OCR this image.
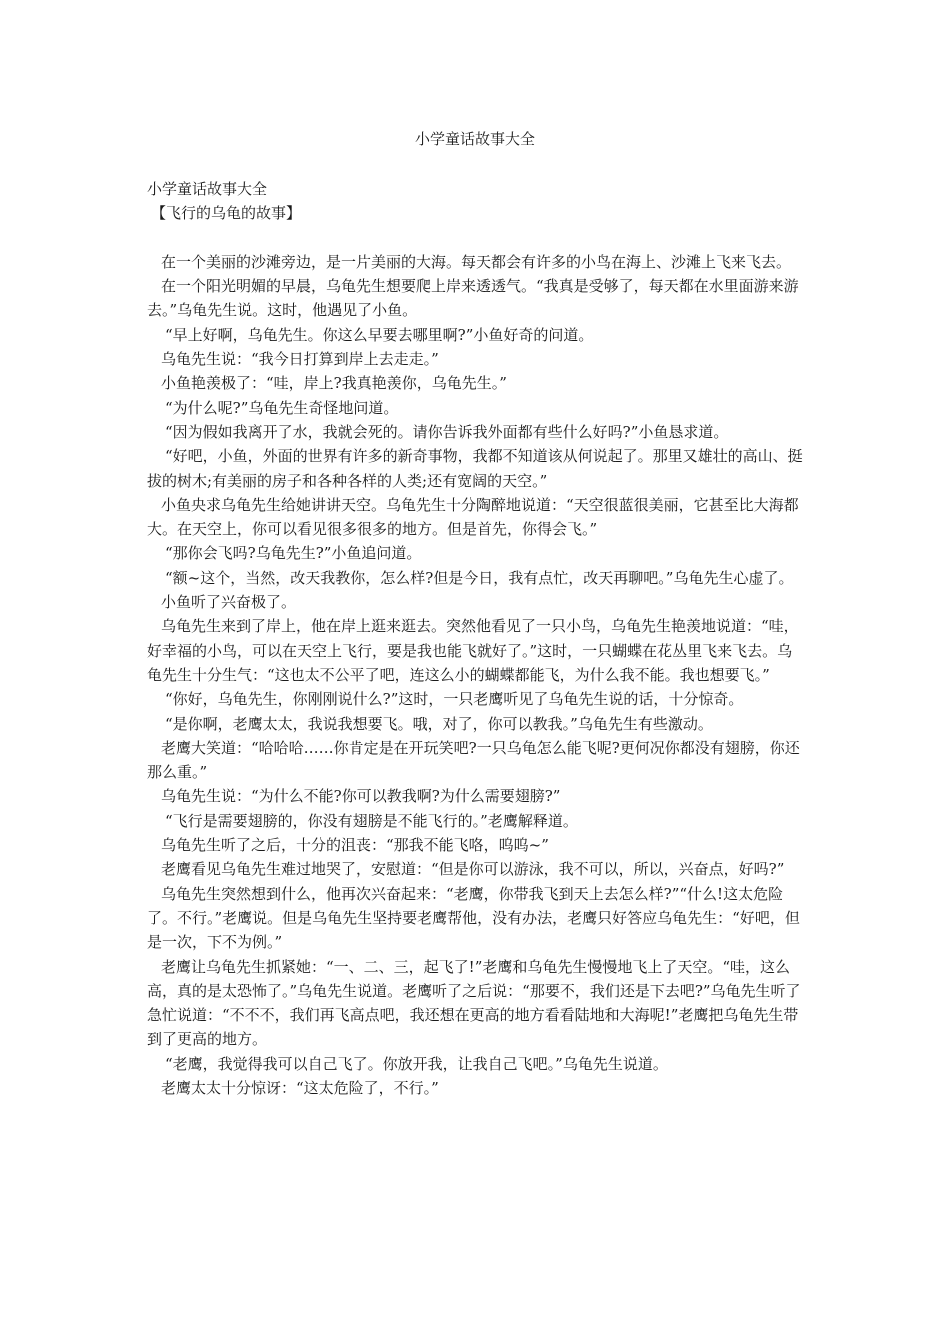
小学童话故事大全

小学童话故事大全

【飞行的乌龟的故事】

在一个美丽的沙滩旁边，是一片美丽的大海。每天都会有许多的小鸟在海上、沙滩上飞来飞去。

在一个阳光明媚的早晨，乌龟先生想要爬上岸来透透气。“我真是受够了，每天都在水里面游来游去。”乌龟先生说。这时，他遇见了小鱼。

“早上好啊，乌龟先生。你这么早要去哪里啊?”小鱼好奇的问道。

乌龟先生说：“我今日打算到岸上去走走。”

小鱼艳羡极了：“哇，岸上?我真艳羡你，乌龟先生。”

“为什么呢?”乌龟先生奇怪地问道。

“因为假如我离开了水，我就会死的。请你告诉我外面都有些什么好吗?”小鱼恳求道。

“好吧，小鱼，外面的世界有许多的新奇事物，我都不知道该从何说起了。那里又雄壮的高山、挺拔的树木;有美丽的房子和各种各样的人类;还有宽阔的天空。”

小鱼央求乌龟先生给她讲讲天空。乌龟先生十分陶醉地说道：“天空很蓝很美丽，它甚至比大海都大。在天空上，你可以看见很多很多的地方。但是首先，你得会飞。”

“那你会飞吗?乌龟先生?”小鱼追问道。

“额~这个，当然，改天我教你，怎么样?但是今日，我有点忙，改天再聊吧。”乌龟先生心虚了。

小鱼听了兴奋极了。

乌龟先生来到了岸上，他在岸上逛来逛去。突然他看见了一只小鸟，乌龟先生艳羡地说道：“哇，好幸福的小鸟，可以在天空上飞行，要是我也能飞就好了。”这时，一只蝴蝶在花丛里飞来飞去。乌龟先生十分生气：“这也太不公平了吧，连这么小的蝴蝶都能飞，为什么我不能。我也想要飞。”

“你好，乌龟先生，你刚刚说什么?”这时，一只老鹰听见了乌龟先生说的话，十分惊奇。

“是你啊，老鹰太太，我说我想要飞。哦，对了，你可以教我。”乌龟先生有些激动。

老鹰大笑道：“哈哈哈……你肯定是在开玩笑吧?一只乌龟怎么能飞呢?更何况你都没有翅膀，你还那么重。”

乌龟先生说：“为什么不能?你可以教我啊?为什么需要翅膀?”

“飞行是需要翅膀的，你没有翅膀是不能飞行的。”老鹰解释道。

乌龟先生听了之后，十分的沮丧：“那我不能飞咯，呜呜~”

老鹰看见乌龟先生难过地哭了，安慰道：“但是你可以游泳，我不可以，所以，兴奋点，好吗?”

乌龟先生突然想到什么，他再次兴奋起来：“老鹰，你带我飞到天上去怎么样?”“什么!这太危险了。不行。”老鹰说。但是乌龟先生坚持要老鹰帮他，没有办法，老鹰只好答应乌龟先生：“好吧，但是一次，下不为例。”

老鹰让乌龟先生抓紧她：“一、二、三，起飞了!”老鹰和乌龟先生慢慢地飞上了天空。“哇，这么高，真的是太恐怖了。”乌龟先生说道。老鹰听了之后说：“那要不，我们还是下去吧?”乌龟先生听了急忙说道：“不不不，我们再飞高点吧，我还想在更高的地方看看陆地和大海呢!”老鹰把乌龟先生带到了更高的地方。

“老鹰，我觉得我可以自己飞了。你放开我，让我自己飞吧。”乌龟先生说道。

老鹰太太十分惊讶：“这太危险了，不行。”
